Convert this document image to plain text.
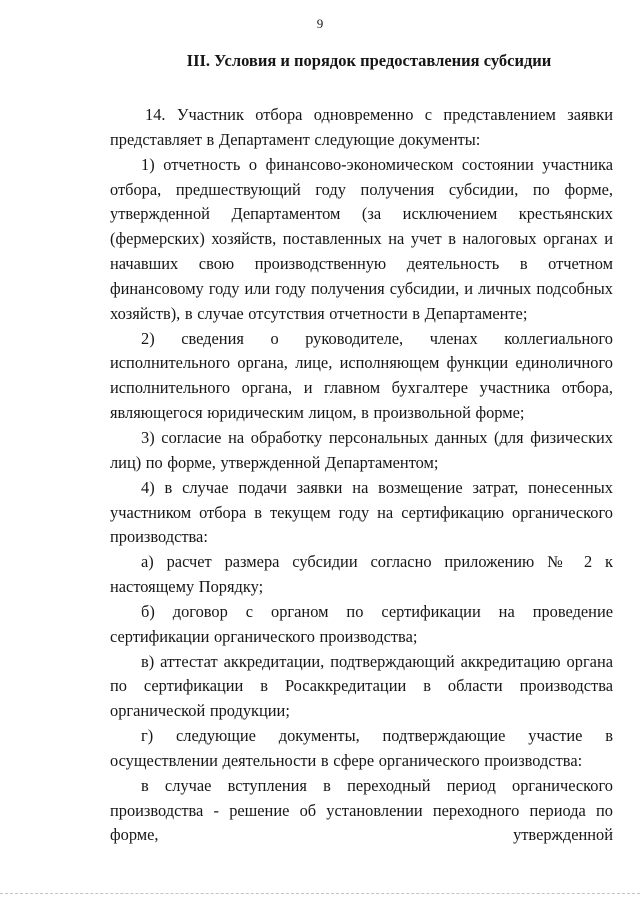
9
III. Условия и порядок предоставления субсидии

14. Участник отбора одновременно с представлением заявки представляет в Департамент следующие документы:

1) отчетность о финансово-экономическом состоянии участника отбора, предшествующий году получения субсидии, по форме, утвержденной Департаментом (за исключением крестьянских (фермерских) хозяйств, поставленных на учет в налоговых органах и начавших свою производственную деятельность в отчетном финансовому году или году получения субсидии, и личных подсобных хозяйств), в случае отсутствия отчетности в Департаменте;

2) сведения о руководителе, членах коллегиального исполнительного органа, лице, исполняющем функции единоличного исполнительного органа, и главном бухгалтере участника отбора, являющегося юридическим лицом, в произвольной форме;

3) согласие на обработку персональных данных (для физических лиц) по форме, утвержденной Департаментом;

4) в случае подачи заявки на возмещение затрат, понесенных участником отбора в текущем году на сертификацию органического производства:

а) расчет размера субсидии согласно приложению № 2 к настоящему Порядку;

б) договор с органом по сертификации на проведение сертификации органического производства;

в) аттестат аккредитации, подтверждающий аккредитацию органа по сертификации в Росаккредитации в области производства органической продукции;

г) следующие документы, подтверждающие участие в осуществлении деятельности в сфере органического производства:

в случае вступления в переходный период органического производства - решение об установлении переходного периода по форме, утвержденной
